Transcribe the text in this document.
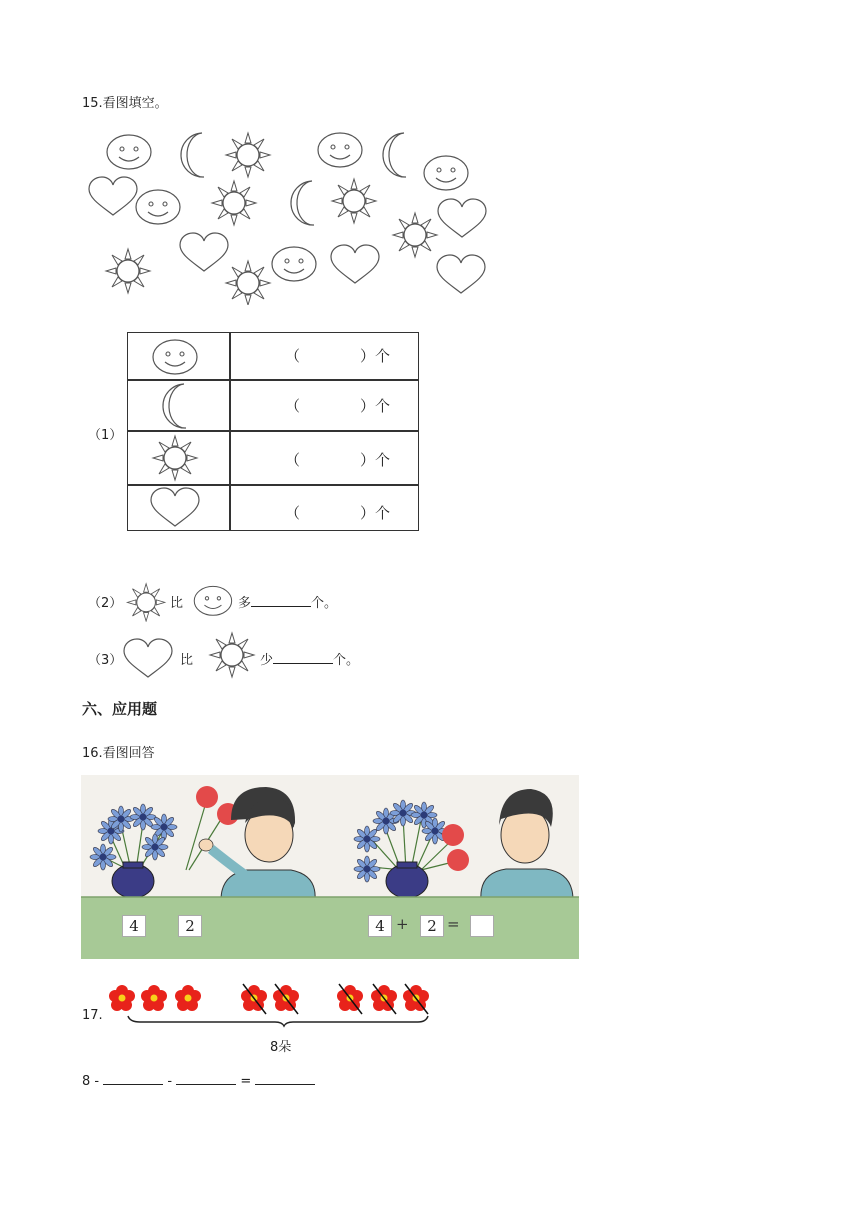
15.看图填空。
（1）
（	）个
（	）个
（	）个
（	）个
（2）	比	多	个。
（3）	比	少	个。
六、应用题
16.看图回答
4	2	4 +	2 =
17.
8朵
8 -	-	=
